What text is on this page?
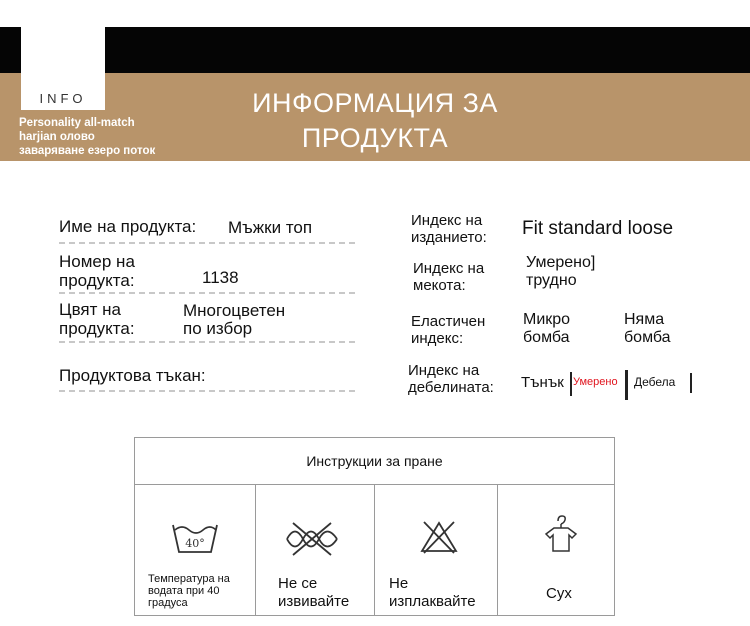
INFO
Personality all-match
harjian олово
заваряване езеро поток
ИНФОРМАЦИЯ ЗА
ПРОДУКТА
Име на продукта: Мъжки топ
Номер на
продукта:	1138
Цвят на
продукта:
Многоцветен
по избор
Продуктова тъкан:
Индекс на
изданието: Fit standard loose
Индекс на
мекота:
Умерено]
трудно
Еластичен
индекс:
Микро
бомба
Няма
бомба
Индекс на
дебелината: Тънък Умерено Дебела
Инструкции за пране
40°
Температура на
водата при 40
градуса
Не се
извивайте
Не
изплаквайте	Сух
